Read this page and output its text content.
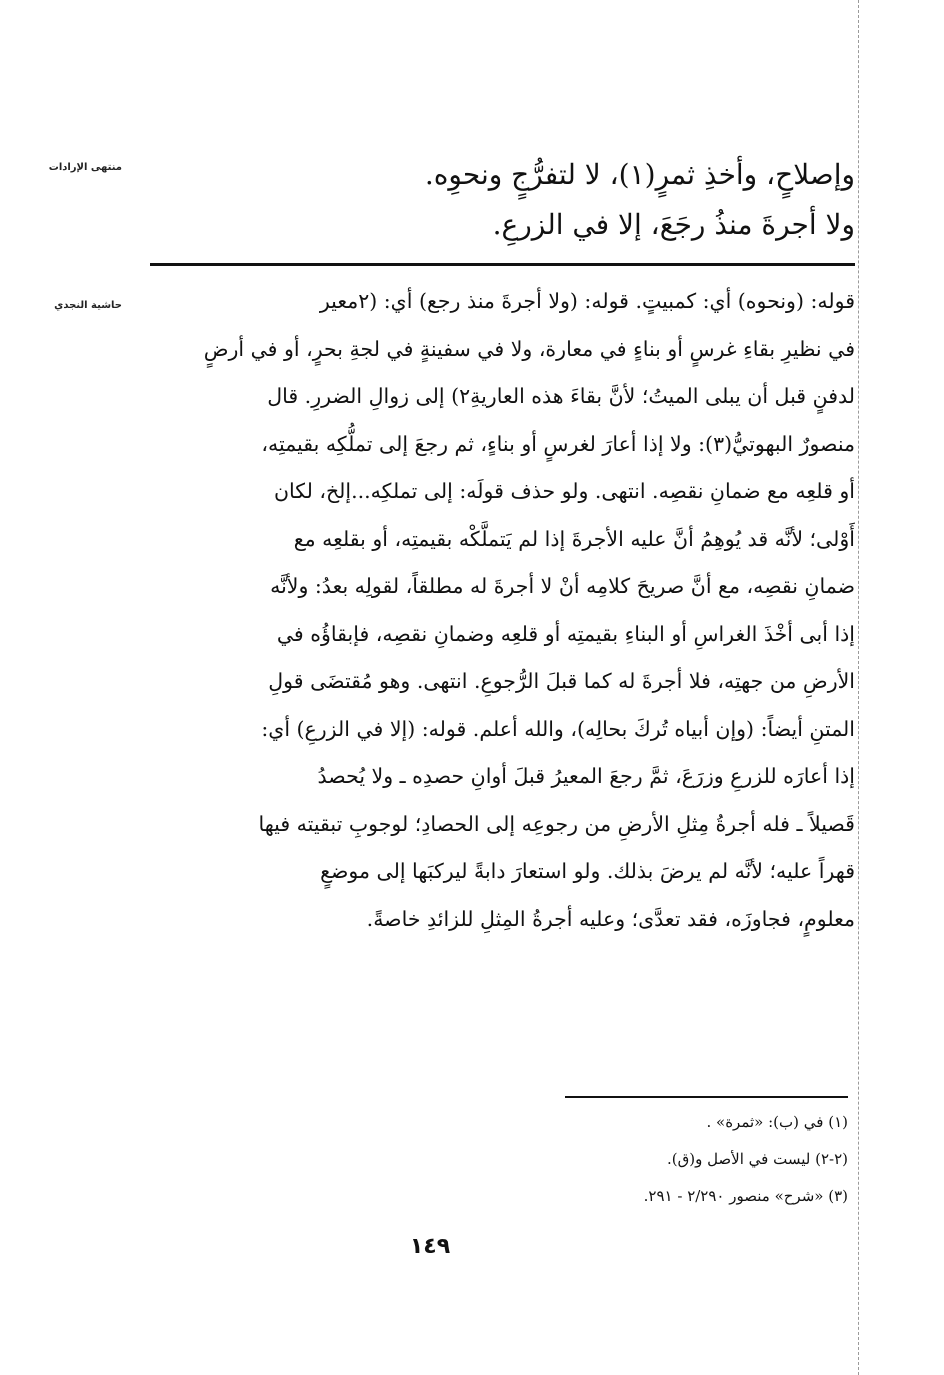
منتهى الإرادات
حاشية النجدي
وإصلاحٍ، وأخذِ ثمرٍ(١)، لا لتفرُّجٍ ونحوِه.
ولا أجرةَ منذُ رجَعَ، إلا في الزرعِ.
قوله: (ونحوه) أي: كمبيتٍ. قوله: (ولا أجرةَ منذ رجع) أي: (٢معير
في نظيرِ بقاءِ غرسٍ أو بناءٍ في معارة، ولا في سفينةٍ في لجةِ بحرٍ، أو في أرضٍ
لدفنٍ قبل أن يبلى الميتُ؛ لأنَّ بقاءَ هذه العاريةِ٢) إلى زوالِ الضررِ. قال
منصورٌ البهوتيُّ(٣): ولا إذا أعارَ لغرسٍ أو بناءٍ، ثم رجعَ إلى تملُّكِه بقيمتِه،
أو قلعِه مع ضمانِ نقصِه. انتهى. ولو حذف قولَه: إلى تملكِه...إلخ، لكان
أَوْلى؛ لأنَّه قد يُوهِمُ أنَّ عليه الأجرةَ إذا لم يَتملَّكْه بقيمتِه، أو بقلعِه مع
ضمانِ نقصِه، مع أنَّ صريحَ كلامِه أنْ لا أجرةَ له مطلقاً، لقولِه بعدُ: ولأنَّه
إذا أبى أخْذَ الغراسِ أو البناءِ بقيمتِه أو قلعِه وضمانِ نقصِه، فإبقاؤُه في
الأرضِ من جهتِه، فلا أجرةَ له كما قبلَ الرُّجوعِ. انتهى. وهو مُقتضَى قولِ
المتنِ أيضاً: (وإن أبياه تُركَ بحالِه)، والله أعلم. قوله: (إلا في الزرعِ) أي:
إذا أعارَه للزرعِ وزرَعَ، ثمَّ رجعَ المعيرُ قبلَ أوانِ حصدِه ـ ولا يُحصدُ
قَصيلاً ـ فله أجرةُ مِثلِ الأرضِ من رجوعِه إلى الحصادِ؛ لوجوبِ تبقيته فيها
قهراً عليه؛ لأنَّه لم يرضَ بذلك. ولو استعارَ دابةً ليركبَها إلى موضعٍ
معلومٍ، فجاوزَه، فقد تعدَّى؛ وعليه أجرةُ المِثلِ للزائدِ خاصةً.
(١) في (ب): «ثمرة» .
(٢-٢) ليست في الأصل و(ق).
(٣) «شرح» منصور ٢/٢٩٠ - ٢٩١.
١٤٩
